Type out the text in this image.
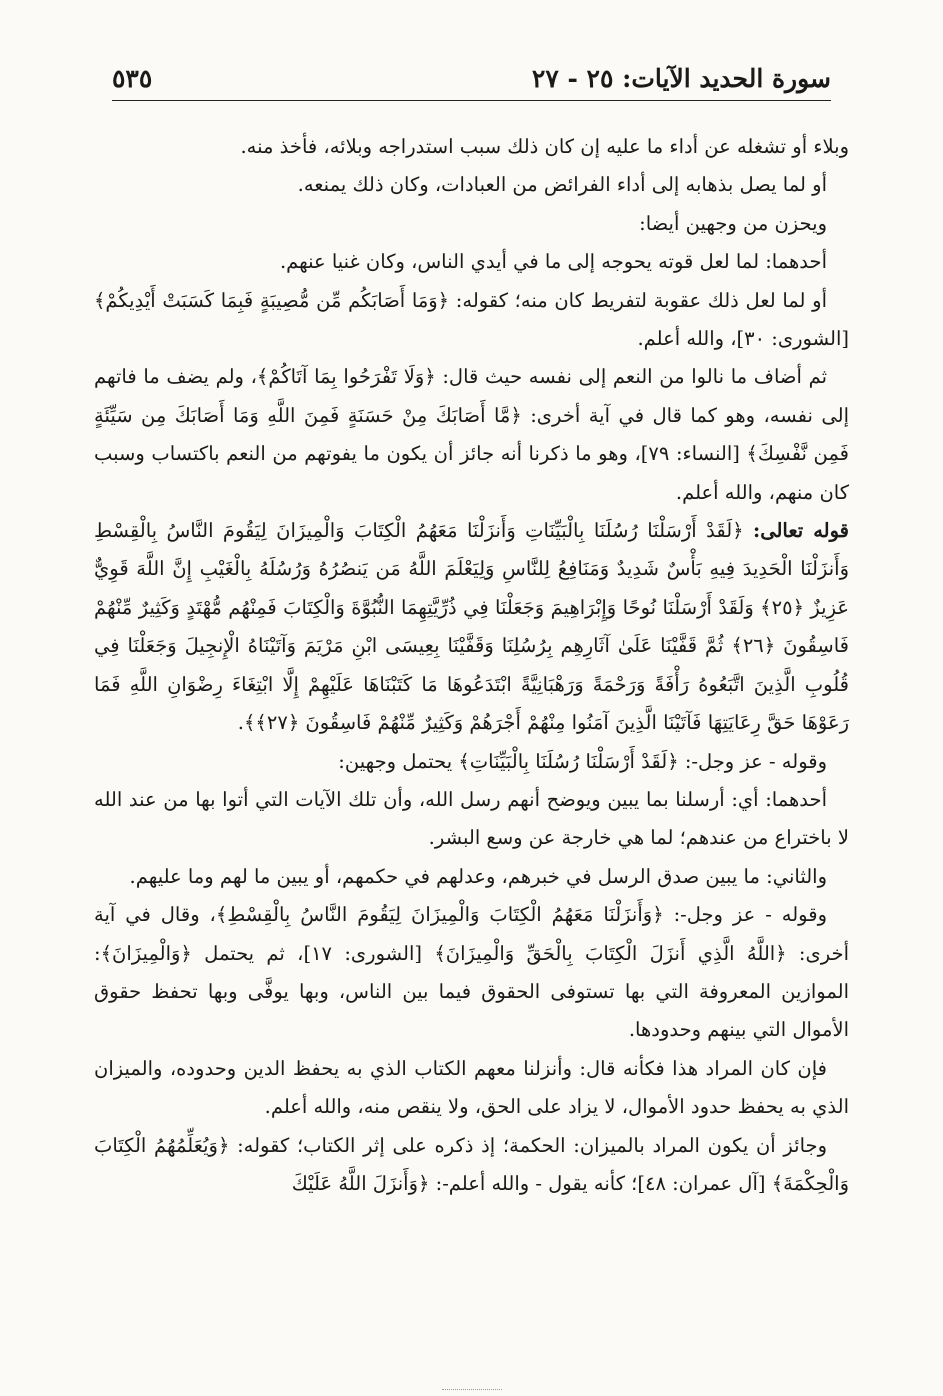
سورة الحديد الآيات: ٢٥ - ٢٧
٥٣٥

وبلاء أو تشغله عن أداء ما عليه إن كان ذلك سبب استدراجه وبلائه، فأخذ منه.

أو لما يصل بذهابه إلى أداء الفرائض من العبادات، وكان ذلك يمنعه.

ويحزن من وجهين أيضا:

أحدهما: لما لعل قوته يحوجه إلى ما في أيدي الناس، وكان غنيا عنهم.

أو لما لعل ذلك عقوبة لتفريط كان منه؛ كقوله: ﴿وَمَا أَصَابَكُم مِّن مُّصِيبَةٍ فَبِمَا كَسَبَتْ أَيْدِيكُمْ﴾ [الشورى: ٣٠]، والله أعلم.

ثم أضاف ما نالوا من النعم إلى نفسه حيث قال: ﴿وَلَا تَفْرَحُوا بِمَا آتَاكُمْ﴾، ولم يضف ما فاتهم إلى نفسه، وهو كما قال في آية أخرى: ﴿مَّا أَصَابَكَ مِنْ حَسَنَةٍ فَمِنَ اللَّهِ وَمَا أَصَابَكَ مِن سَيِّئَةٍ فَمِن نَّفْسِكَ﴾ [النساء: ٧٩]، وهو ما ذكرنا أنه جائز أن يكون ما يفوتهم من النعم باكتساب وسبب كان منهم، والله أعلم.

قوله تعالى: ﴿لَقَدْ أَرْسَلْنَا رُسُلَنَا بِالْبَيِّنَاتِ وَأَنزَلْنَا مَعَهُمُ الْكِتَابَ وَالْمِيزَانَ لِيَقُومَ النَّاسُ بِالْقِسْطِ وَأَنزَلْنَا الْحَدِيدَ فِيهِ بَأْسٌ شَدِيدٌ وَمَنَافِعُ لِلنَّاسِ وَلِيَعْلَمَ اللَّهُ مَن يَنصُرُهُ وَرُسُلَهُ بِالْغَيْبِ إِنَّ اللَّهَ قَوِيٌّ عَزِيزٌ ﴿٢٥﴾ وَلَقَدْ أَرْسَلْنَا نُوحًا وَإِبْرَاهِيمَ وَجَعَلْنَا فِي ذُرِّيَّتِهِمَا النُّبُوَّةَ وَالْكِتَابَ فَمِنْهُم مُّهْتَدٍ وَكَثِيرٌ مِّنْهُمْ فَاسِقُونَ ﴿٢٦﴾ ثُمَّ قَفَّيْنَا عَلَىٰ آثَارِهِم بِرُسُلِنَا وَقَفَّيْنَا بِعِيسَى ابْنِ مَرْيَمَ وَآتَيْنَاهُ الْإِنجِيلَ وَجَعَلْنَا فِي قُلُوبِ الَّذِينَ اتَّبَعُوهُ رَأْفَةً وَرَحْمَةً وَرَهْبَانِيَّةً ابْتَدَعُوهَا مَا كَتَبْنَاهَا عَلَيْهِمْ إِلَّا ابْتِغَاءَ رِضْوَانِ اللَّهِ فَمَا رَعَوْهَا حَقَّ رِعَايَتِهَا فَآتَيْنَا الَّذِينَ آمَنُوا مِنْهُمْ أَجْرَهُمْ وَكَثِيرٌ مِّنْهُمْ فَاسِقُونَ ﴿٢٧﴾﴾.

وقوله - عز وجل-: ﴿لَقَدْ أَرْسَلْنَا رُسُلَنَا بِالْبَيِّنَاتِ﴾ يحتمل وجهين:

أحدهما: أي: أرسلنا بما يبين ويوضح أنهم رسل الله، وأن تلك الآيات التي أتوا بها من عند الله لا باختراع من عندهم؛ لما هي خارجة عن وسع البشر.

والثاني: ما يبين صدق الرسل في خبرهم، وعدلهم في حكمهم، أو يبين ما لهم وما عليهم.

وقوله - عز وجل-: ﴿وَأَنزَلْنَا مَعَهُمُ الْكِتَابَ وَالْمِيزَانَ لِيَقُومَ النَّاسُ بِالْقِسْطِ﴾، وقال في آية أخرى: ﴿اللَّهُ الَّذِي أَنزَلَ الْكِتَابَ بِالْحَقِّ وَالْمِيزَانَ﴾ [الشورى: ١٧]، ثم يحتمل ﴿وَالْمِيزَانَ﴾: الموازين المعروفة التي بها تستوفى الحقوق فيما بين الناس، وبها يوفَّى وبها تحفظ حقوق الأموال التي بينهم وحدودها.

فإن كان المراد هذا فكأنه قال: وأنزلنا معهم الكتاب الذي به يحفظ الدين وحدوده، والميزان الذي به يحفظ حدود الأموال، لا يزاد على الحق، ولا ينقص منه، والله أعلم.

وجائز أن يكون المراد بالميزان: الحكمة؛ إذ ذكره على إثر الكتاب؛ كقوله: ﴿وَيُعَلِّمُهُمُ الْكِتَابَ وَالْحِكْمَةَ﴾ [آل عمران: ٤٨]؛ كأنه يقول - والله أعلم-: ﴿وَأَنزَلَ اللَّهُ عَلَيْكَ
